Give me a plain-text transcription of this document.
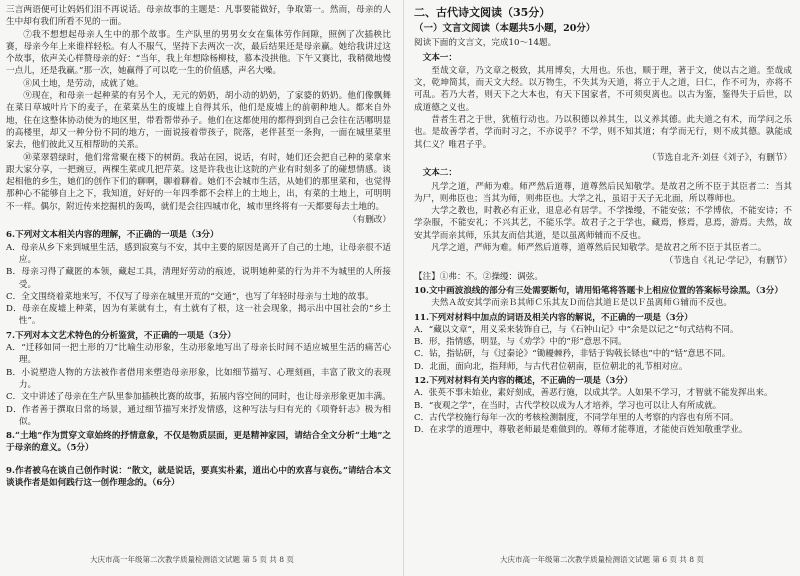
三言两语便可让妈妈们泪不再说话。母亲故事的主题是：凡事要能做好，争取第一。然而，母亲的人生中却有我们所看不见的一面。

⑦我不想想起母亲人生中的那个故事。生产队里的男男女女在集体劳作间隙，照例了次插秧比赛，母亲今年上来谁样轻松。有人不服气，坚持下去两次一次，最后结果还是母亲赢。她给我讲过这个故事，依声关心样赞母亲的好：“当年，我上年想除杨柳枝，慕本没拱他。下午又赛比，我稍微地慢一点儿，还是我赢。”那一次，她赢得了可以吃一生的价值感，声名大噪。

⑧风土地，是劳动，成就了她。

⑨现在，和母亲一起种菜的有另个人，无元的奶奶，胡小动的奶奶，了家婆的奶奶。他们像飘舞在菜日草城叶片下的麦子，在菜菜丛生的废墟上自得其乐，他们是废墟上的前朝种地人。都来自外地，住在这整体协动使为的地区里，带看帮带孙子。他们在这都使用的都得到到自己会往在活哪明显的高楼里，却又一种分份不同的地方，一面说接着带孩子，院落，老伴甚至一条狗，一面在城里菜里家去，他们彼此又互相帮助的关系。

⑩菜翠碧绿时，他们常常聚在楼下的树荫。我站在园，说话，有时，她们还会把自己种的菜拿来跟大家分享，一把豌豆，两棵生菜或几把芹菜。这是许我也让这院的产业有时刻多了的碰想情感。谈起相他的乡生，她们的创作下们的聊啊，聊着聊着。她们不会城市生活，从她们的那里菜和，也觉得那种心不能够自上之下，我知道，好好的一年四季都不会样上的土地上，出，有菜的土地上，可明明不一样。偶尔，附近传来挖掘机的轰鸣，就们是会往四城市化，城市里终将有一天都要每去土地的。

（有删改）

6.下列对文本相关内容的理解，不正确的一项是（3分）

A．母亲从乡下来到城里生活，感到寂寞与不安，其中主要的原因是离开了自己的土地，让母亲很不适应。

B．母亲习得了藏匿的本领，藏起工具，清理好劳动的痕迹，说明她种菜的行为并不为城里的人所接受。

C．全文围绕着菜地来写，不仅写了母亲在城里开荒的“交通”，也写了年轻时母亲与土地的故事。

D．母亲在废墟上种菜，因为有莱就有土，有土就有了根，这一社会现象，揭示出中国社会的“乡土性”。

7.下列对本文艺术特色的分析鉴赏，不正确的一项是（3分）

A．“迁移如同一把土形的刀”比喻生动形象，生动形象地写出了母亲长时间不适应城里生活的痛苦心理。

B．小说塑造人物的方法被作者借用来塑造母亲形象，比如细节描写、心理刻画，丰富了散文的表现力。

C．文中讲述了母亲在生产队里参加插秧比赛的故事，拓展内容空间的同时，也让母亲形象更加丰满。

D．作者善于撰取日常的场景，通过细节描写来抒发情感，这种写法与归有光的《项脊轩志》极为相似。

8.“土地”作为贯穿文章始终的抒情意象，不仅是物质层面，更是精神家园，请结合全文分析“土地”之于母亲的意义。（5分）

9.作者被乌在谈自己创作时说：“散文，就是说话，要真实朴素，道出心中的欢喜与哀伤。”请结合本文谈谈作者是如何践行这一创作理念的。（6分）

二、古代诗文阅读（35分）

（一）文言文阅读（本题共5小题，20分）

阅读下面的文言文，完成10～14题。

文本一：

至哉文章，乃文章之极致，其用博矣，大用也。乐也，顺于理，著于文，使以古之道。至哉成文，乾坤简其，而天文大经。以万物生，不失其为天道，将立于人之道，曰仁，作不可为，亦将不可乱。若乃大者，则天下之大本也，有天下国家者，不可须臾离也。以古为鉴，鉴得失于后世，以成道德之义也。

昔者生君之于世，犹植行动也。乃以积德以养其生，以义养其德。此夫道之有术，而学问之乐也。是故善学者，学而时习之，不亦说乎？不学，则不知其道；有学而无行，则不成其德。孰能成其仁义？唯君子乎。

（节选自北齐·刘昼《刘子》，有删节）

文本二：

凡学之道，严师为难。师严然后道尊，道尊然后民知敬学。是故君之所不臣于其臣者二：当其为尸，则弗臣也；当其为师，则弗臣也。大学之礼，虽诏于天子无北面，所以尊师也。

大学之教也，时教必有正业，退息必有居学。不学操缦，不能安弦；不学博依，不能安诗；不学杂服，不能安礼；不兴其艺，不能乐学。故君子之于学也，藏焉，修焉，息焉，游焉。夫然，故安其学而亲其师，乐其友而信其道，是以虽离师辅而不反也。

凡学之道，严师为难。师严然后道尊，道尊然后民知敬学。是故君之所不臣于其臣者二。

（节选自《礼记·学记》，有删节）

【注】①弗：不。②操缦：调弦。

10.文中画波浪线的部分有三处需要断句，请用铅笔将答题卡上相应位置的答案标号涂黑。（3分）

夫然Ａ故安其学而亲Ｂ其师Ｃ乐其友Ｄ而信其道Ｅ是以Ｆ虽离师Ｇ辅而不反也。

11.下列对材料中加点的词语及相关内容的解说，不正确的一项是（3分）

A．“藏以文章”，用义采来装饰自己，与《石钟山记》中“余是以记之”句式结构不同。

B．形，指情感，明显，与《劝学》中的“形”意思不同。

C．钻，指钻研，与《过秦论》“锄耰棘矜，非铦于钩戟长铩也”中的“铦”意思不同。

D．北面，面向北，指拜师，与古代君位朝南，臣位朝北的礼节相对应。

12.下列对材料有关内容的概述，不正确的一项是（3分）

A．张英不事未始业，素好刻成，善恶行施，以成其学。人如果不学习，才智就不能发挥出来。

B．“夜观之学”，在当时，古代学校以成为人才培养，学习也可以让人有所成就。

C．古代学校施行每年一次的考核检测制度，不同学年里的人考察的内容也有所不同。

D．在求学的道理中，尊敬老师最是难做到的。尊师才能尊道，才能使百姓知敬重学业。

大庆市高一年级第二次教学质量检测语文试题 第 5 页 共 8 页	大庆市高一年级第二次教学质量检测语文试题 第 6 页 共 8 页
